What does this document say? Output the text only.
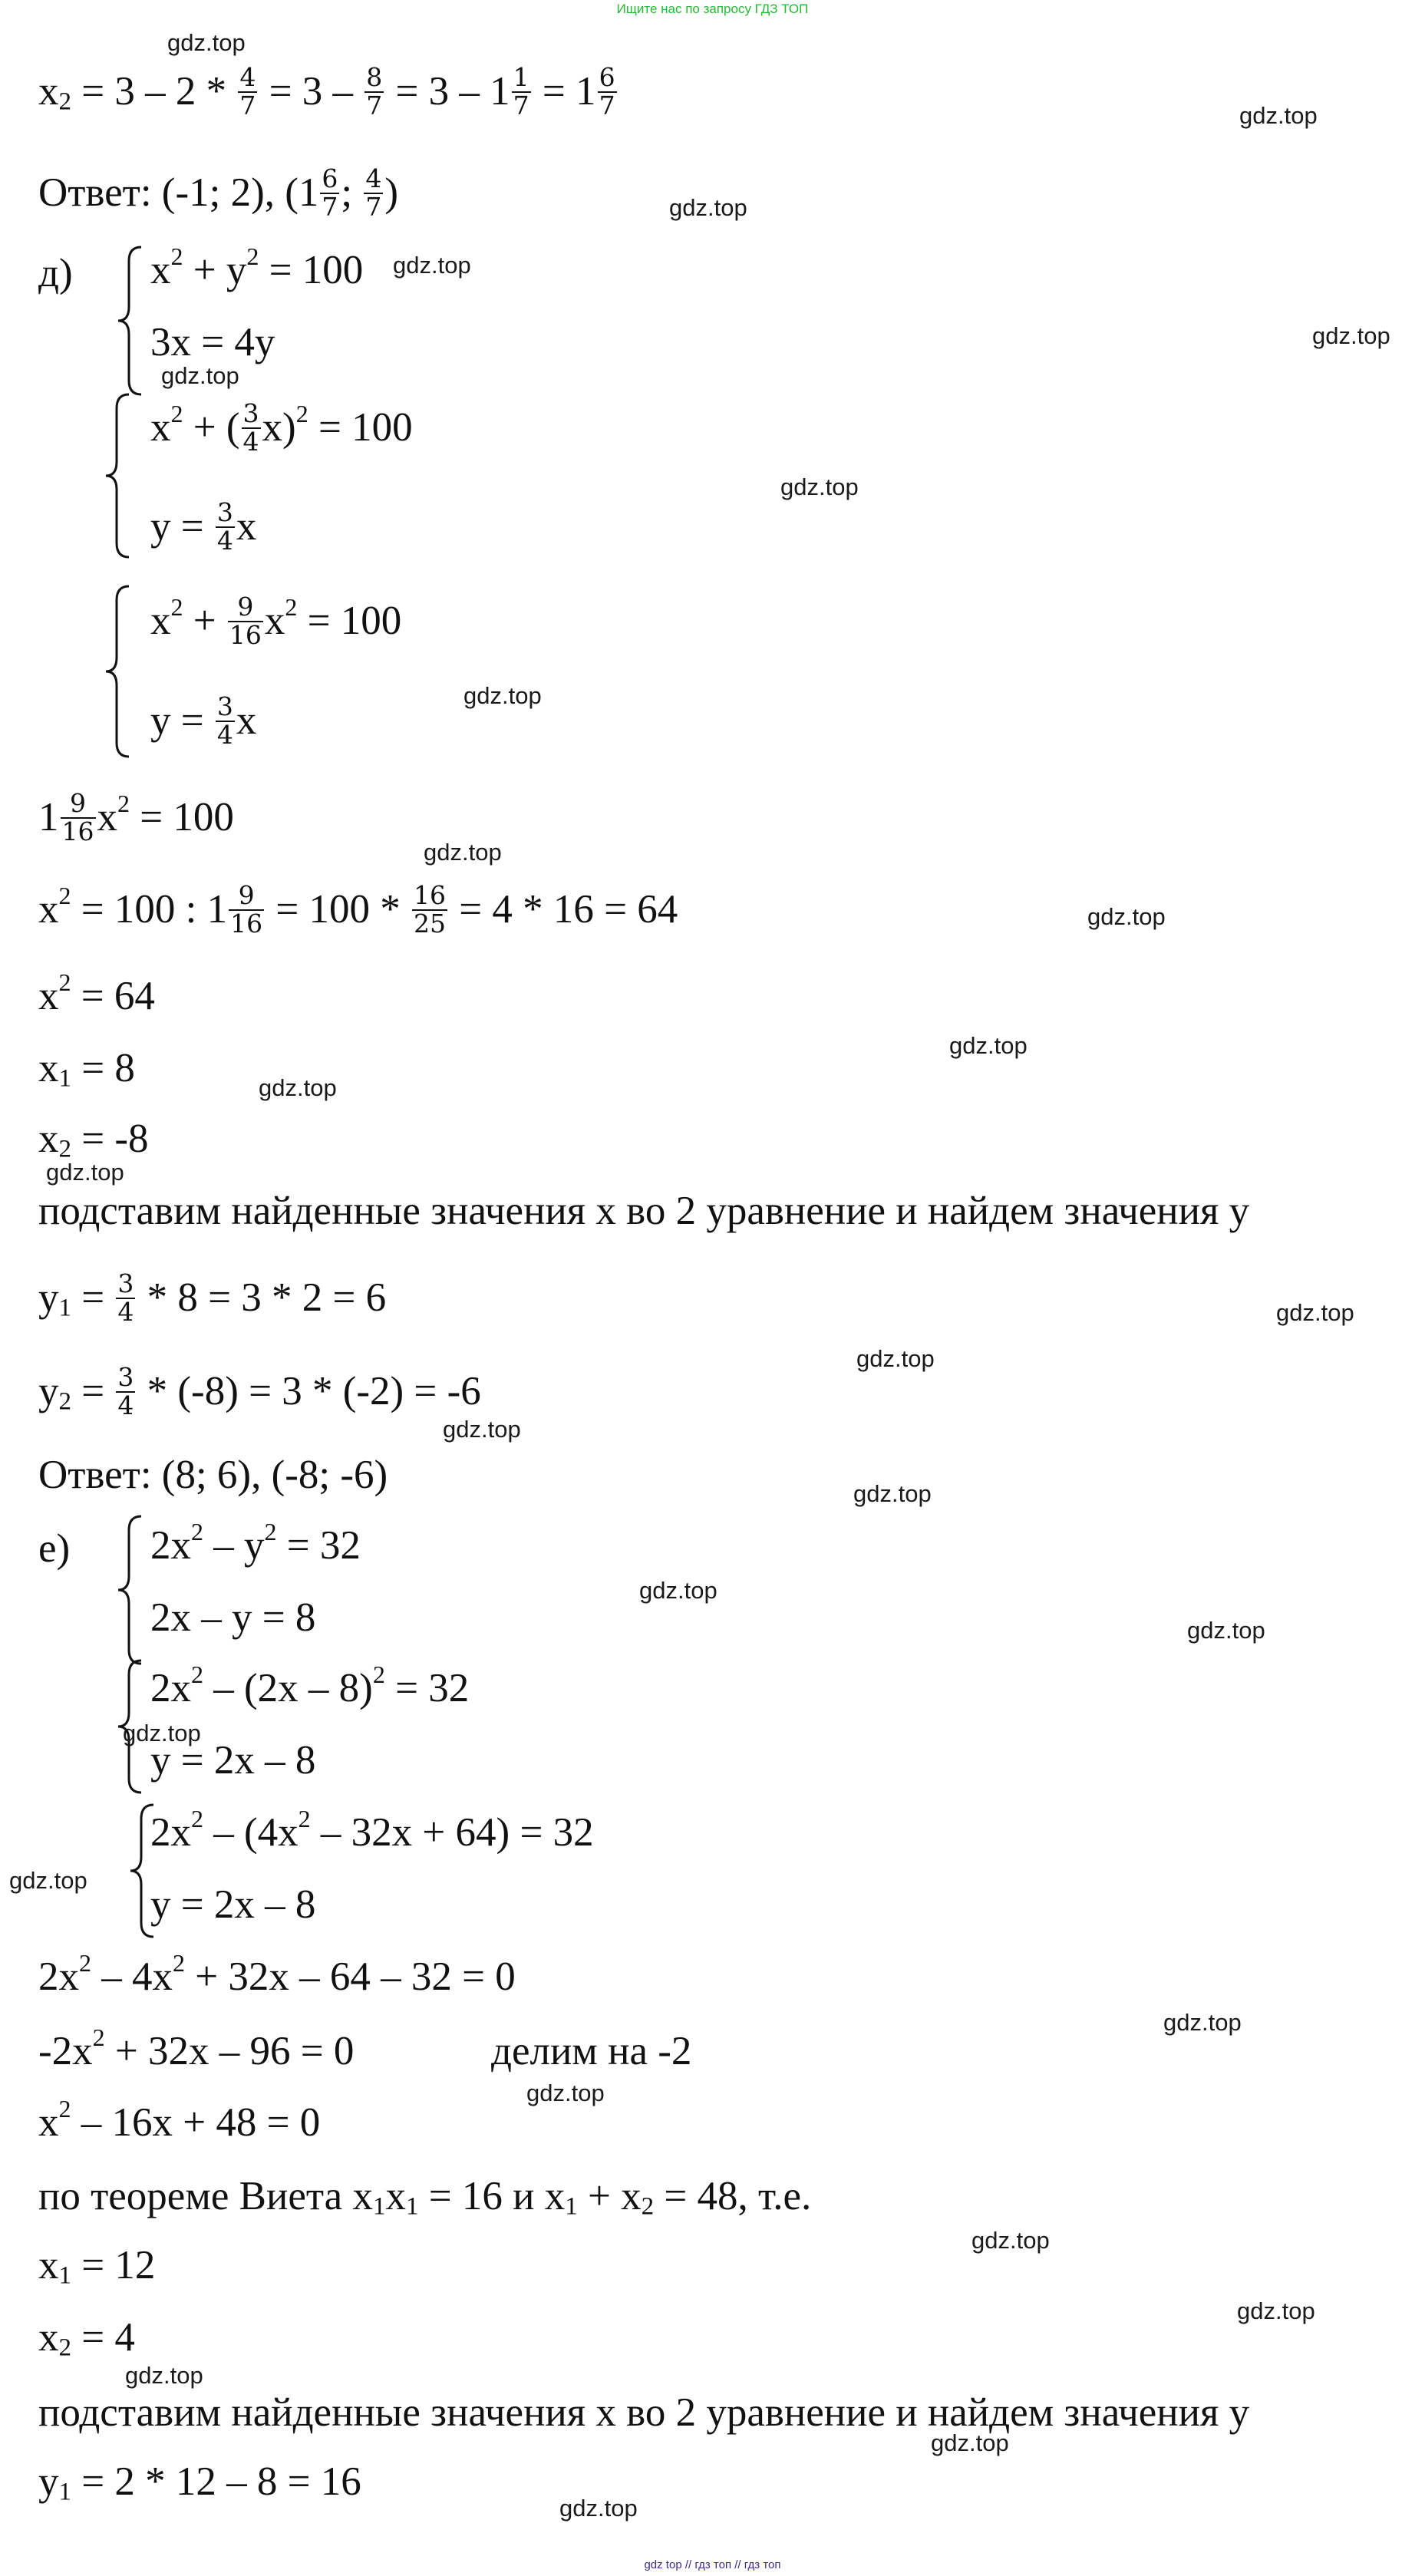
Ищите нас по запросу ГДЗ ТОП
$x2 = 3 - 2 * \frac{4}{7} = 3 - \frac{8}{7} = 3 - 1 \frac{1}{7} = 1 \frac{6}{7}$
Ответ: (-1; 2), ($1 \frac{6}{7}$ ; $\frac{4}{7}$ )
д) $x^2 + y^2 = 100$
3x = 4y
$x^2$ + ( $\frac{3}{4} x)^2 = 100$
$y = \frac{3}{4}$ x
$x^2 + \frac{9}{16} x^2 = 100$
$y = \frac{3}{4}$ x
$1 \frac{9}{16} x^2 = 100$
$x^2 = 100$ : $1 \frac{9}{16} = 100 * \frac{16}{25} = 4 * 16 = 64$
$x^2 = 64$
x1 = 8
x2 = -8
подставим найденные значения x во 2 уравнение и найдем значения y
$y1 = \frac{3}{4} * 8 = 3 * 2 = 6$
$y2 = \frac{3}{4} * (-8) = 3 * (-2) = -6$
Ответ: (8; 6), (-8; -6)
е) $2x^2 - y^2 = 32$
2x – y = 8
$2x^2 - (2x - 8)^2 = 32$
y = 2x – 8
$2x^2 - (4x^2 - 32x + 64) = 32$
y = 2x – 8
$2x^2 - 4x^2 + 32x - 64 - 32 = 0$
$-2x^2 + 32x - 96 = 0$	делим на -2
$x^2 - 16x + 48 = 0$
по теореме Виета x1x1 = 16 и x1 + x2 = 48, т.е.
x1 = 12
x2 = 4
подставим найденные значения x во 2 уравнение и найдем значения y
y1 = 2 * 12 – 8 = 16
gdz.top
gdz.top
gdz.top
gdz.top
gdz.top
gdz.top
gdz.top
gdz.top
gdz.top
gdz.top
gdz.top
gdz.top
gdz.top
gdz.top
gdz.top
gdz.top
gdz.top
gdz.top
gdz.top
gdz.top
gdz.top
gdz.top
gdz.top
gdz.top
gdz.top
gdz.top
gdz.top
gdz.top
gdz top // гдз топ // гдз топ
